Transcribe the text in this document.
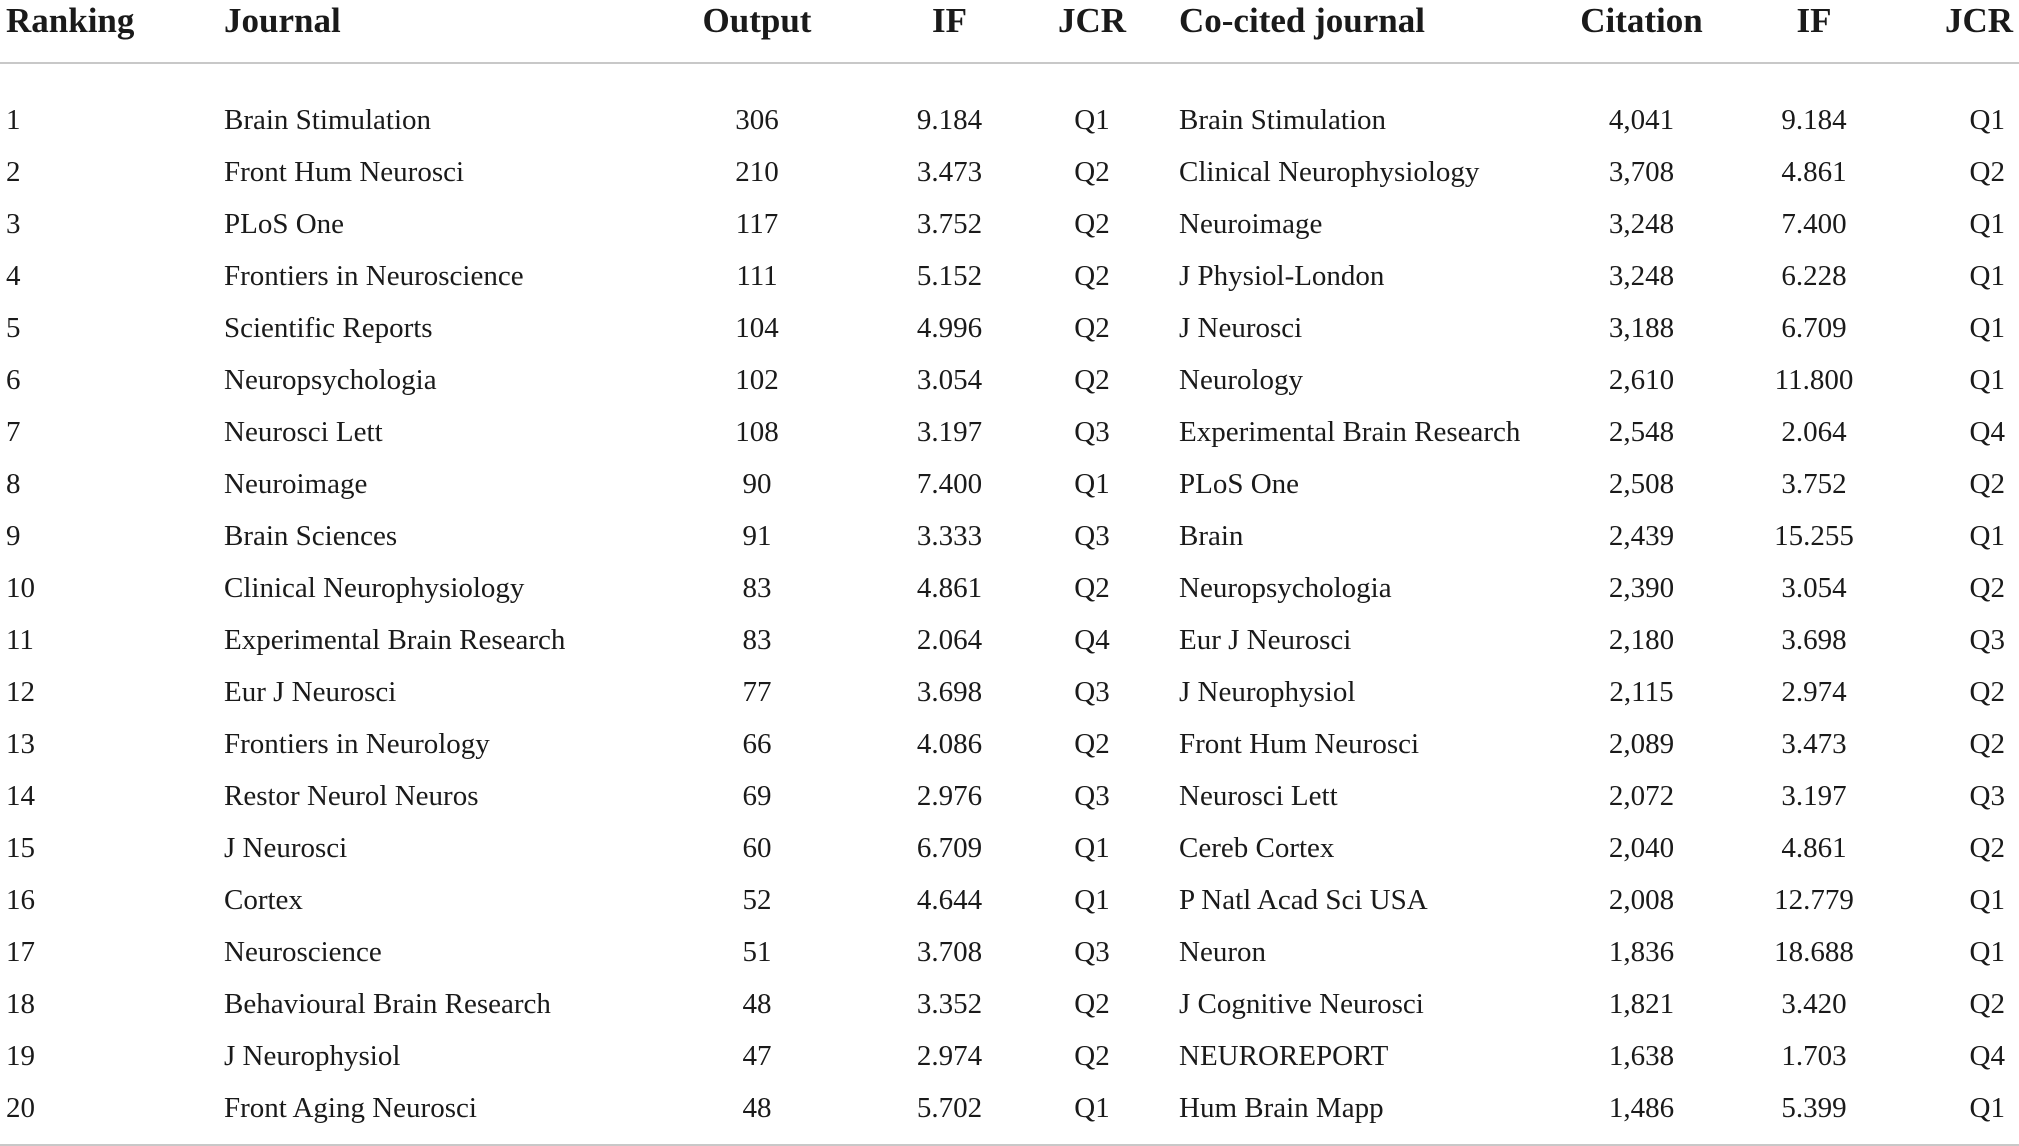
Ranking	Journal	Output	IF	JCR	Co-cited journal	Citation	IF	JCR
1	Brain Stimulation	306	9.184	Q1	Brain Stimulation	4,041	9.184	Q1
2	Front Hum Neurosci	210	3.473	Q2	Clinical Neurophysiology	3,708	4.861	Q2
3	PLoS One	117	3.752	Q2	Neuroimage	3,248	7.400	Q1
4	Frontiers in Neuroscience	111	5.152	Q2	J Physiol-London	3,248	6.228	Q1
5	Scientific Reports	104	4.996	Q2	J Neurosci	3,188	6.709	Q1
6	Neuropsychologia	102	3.054	Q2	Neurology	2,610	11.800	Q1
7	Neurosci Lett	108	3.197	Q3	Experimental Brain Research	2,548	2.064	Q4
8	Neuroimage	90	7.400	Q1	PLoS One	2,508	3.752	Q2
9	Brain Sciences	91	3.333	Q3	Brain	2,439	15.255	Q1
10	Clinical Neurophysiology	83	4.861	Q2	Neuropsychologia	2,390	3.054	Q2
11	Experimental Brain Research	83	2.064	Q4	Eur J Neurosci	2,180	3.698	Q3
12	Eur J Neurosci	77	3.698	Q3	J Neurophysiol	2,115	2.974	Q2
13	Frontiers in Neurology	66	4.086	Q2	Front Hum Neurosci	2,089	3.473	Q2
14	Restor Neurol Neuros	69	2.976	Q3	Neurosci Lett	2,072	3.197	Q3
15	J Neurosci	60	6.709	Q1	Cereb Cortex	2,040	4.861	Q2
16	Cortex	52	4.644	Q1	P Natl Acad Sci USA	2,008	12.779	Q1
17	Neuroscience	51	3.708	Q3	Neuron	1,836	18.688	Q1
18	Behavioural Brain Research	48	3.352	Q2	J Cognitive Neurosci	1,821	3.420	Q2
19	J Neurophysiol	47	2.974	Q2	NEUROREPORT	1,638	1.703	Q4
20	Front Aging Neurosci	48	5.702	Q1	Hum Brain Mapp	1,486	5.399	Q1
